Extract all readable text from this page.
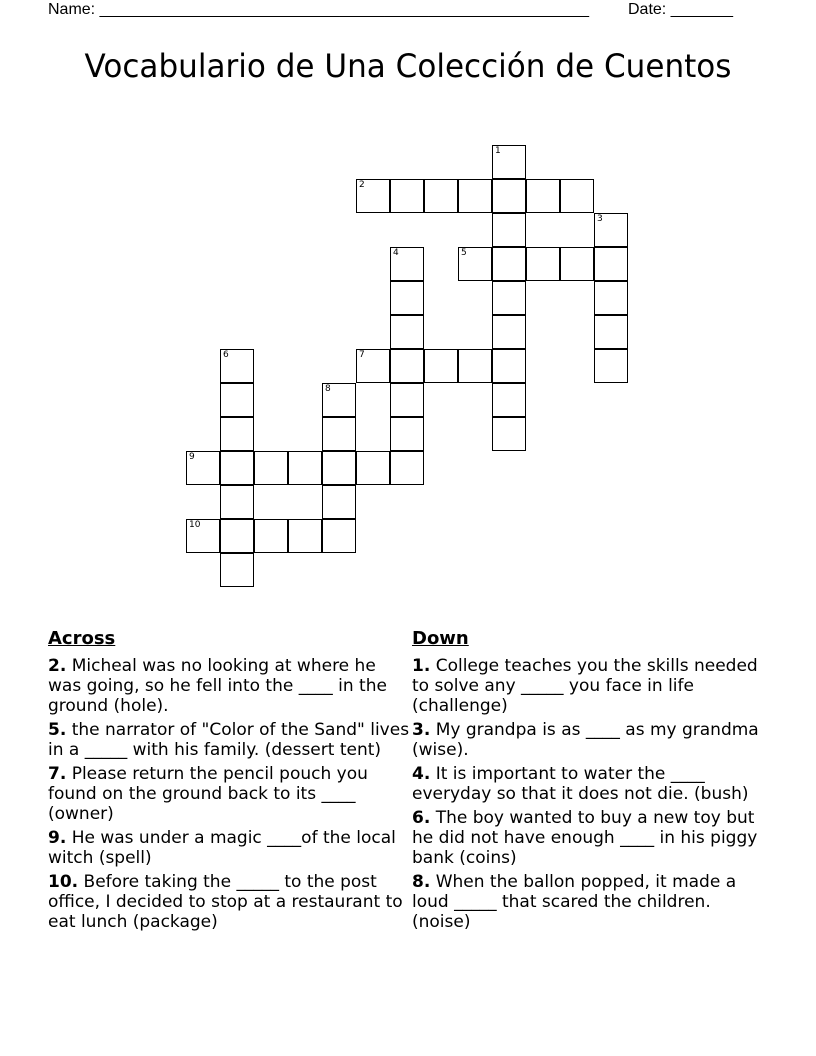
Name: _______________________________________________________

Date: _______

Vocabulario de Una Colección de Cuentos
1
2
3
4	5
6	7
8
9
10
Across
2. Micheal was no looking at where he was going, so he fell into the ____ in the ground (hole).
5. the narrator of "Color of the Sand" lives in a _____ with his family. (dessert tent)
7. Please return the pencil pouch you found on the ground back to its ____ (owner)
9. He was under a magic ____of the local witch (spell)
10. Before taking the _____ to the post office, I decided to stop at a restaurant to eat lunch (package)
Down
1. College teaches you the skills needed to solve any _____ you face in life (challenge)
3. My grandpa is as ____ as my grandma (wise).
4. It is important to water the ____ everyday so that it does not die. (bush)
6. The boy wanted to buy a new toy but he did not have enough ____ in his piggy bank (coins)
8. When the ballon popped, it made a loud _____ that scared the children. (noise)
